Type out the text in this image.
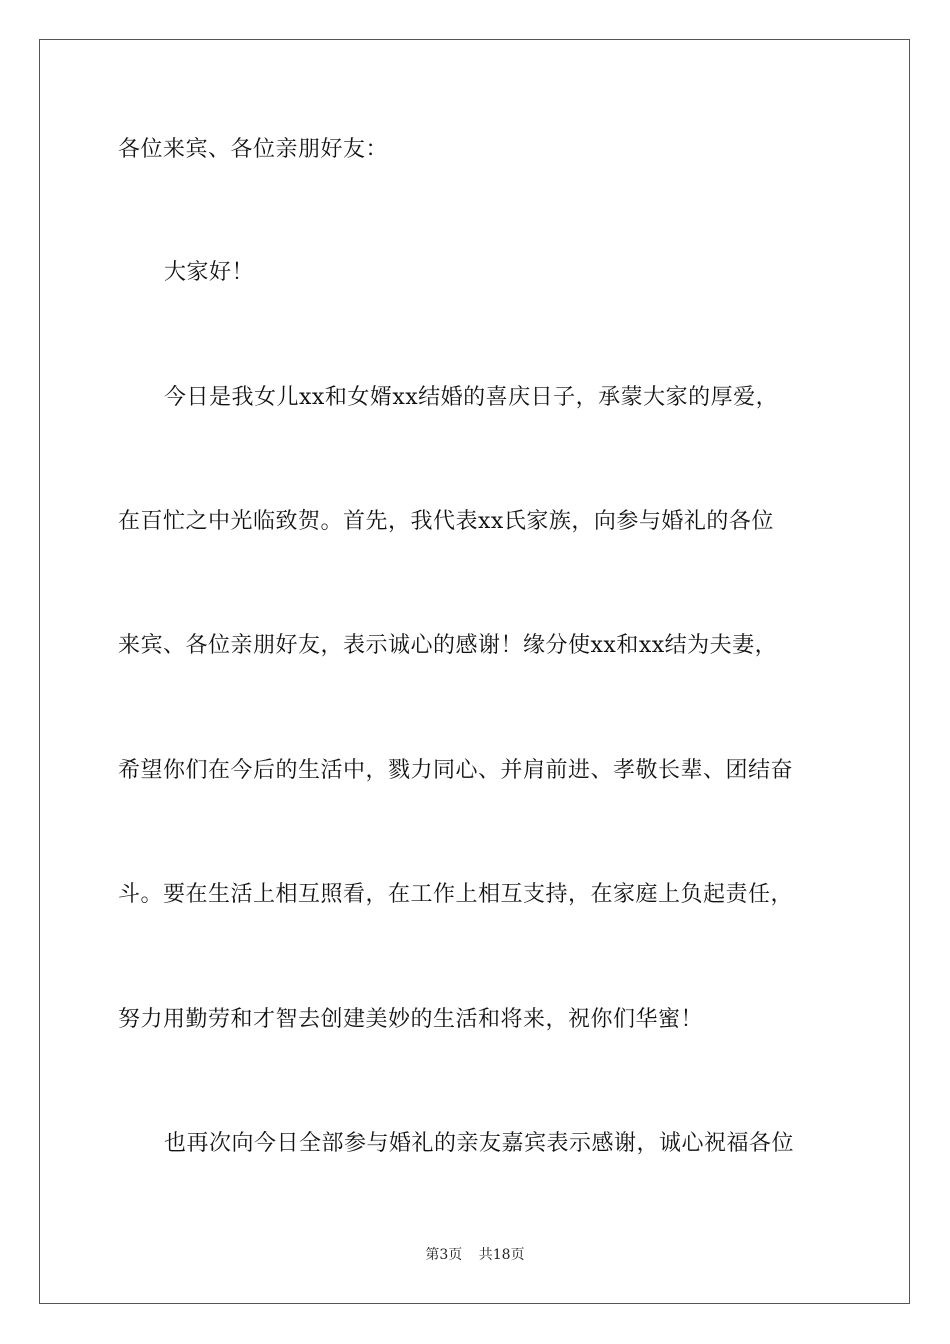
各位来宾、各位亲朋好友：
大家好！
今日是我女儿xx和女婿xx结婚的喜庆日子，承蒙大家的厚爱，
在百忙之中光临致贺。首先，我代表xx氏家族，向参与婚礼的各位
来宾、各位亲朋好友，表示诚心的感谢！缘分使xx和xx结为夫妻，
希望你们在今后的生活中，戮力同心、并肩前进、孝敬长辈、团结奋
斗。要在生活上相互照看，在工作上相互支持，在家庭上负起责任，
努力用勤劳和才智去创建美妙的生活和将来，祝你们华蜜！
也再次向今日全部参与婚礼的亲友嘉宾表示感谢，诚心祝福各位
第3页 共18页
